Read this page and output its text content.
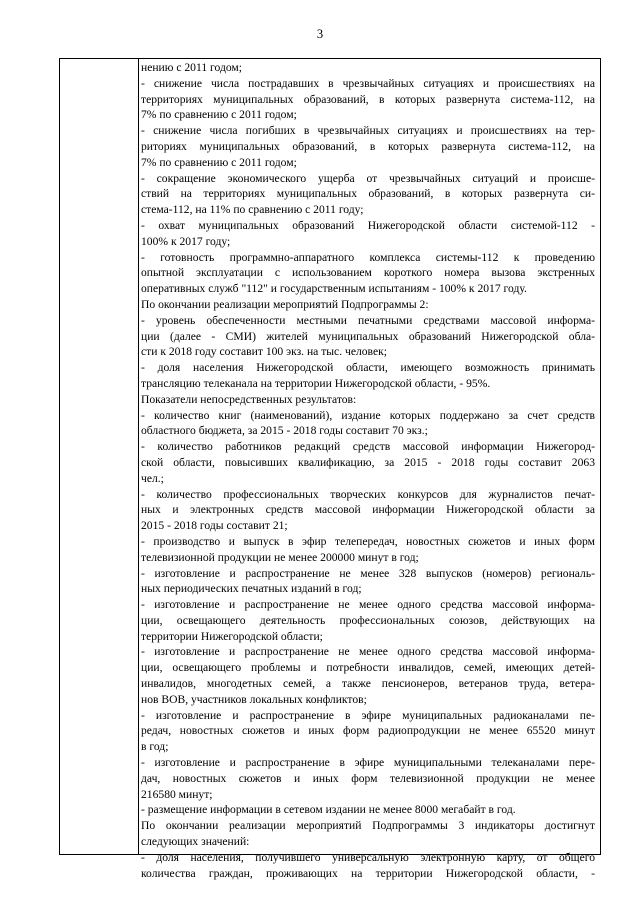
3
нению с 2011 годом;
- снижение числа пострадавших в чрезвычайных ситуациях и происшествиях на
территориях муниципальных образований, в которых развернута система-112, на
7% по сравнению с 2011 годом;
- снижение числа погибших в чрезвычайных ситуациях и происшествиях на тер-
риториях муниципальных образований, в которых развернута система-112, на
7% по сравнению с 2011 годом;
- сокращение экономического ущерба от чрезвычайных ситуаций и происше-
ствий на территориях муниципальных образований, в которых развернута си-
стема-112, на 11% по сравнению с 2011 году;
- охват муниципальных образований Нижегородской области системой-112 -
100% к 2017 году;
- готовность программно-аппаратного комплекса системы-112 к проведению
опытной эксплуатации с использованием короткого номера вызова экстренных
оперативных служб "112" и государственным испытаниям - 100% к 2017 году.
По окончании реализации мероприятий Подпрограммы 2:
- уровень обеспеченности местными печатными средствами массовой информа-
ции (далее - СМИ) жителей муниципальных образований Нижегородской обла-
сти к 2018 году составит 100 экз. на тыс. человек;
- доля населения Нижегородской области, имеющего возможность принимать
трансляцию телеканала на территории Нижегородской области, - 95%.
Показатели непосредственных результатов:
- количество книг (наименований), издание которых поддержано за счет средств
областного бюджета, за 2015 - 2018 годы составит 70 экз.;
- количество работников редакций средств массовой информации Нижегород-
ской области, повысивших квалификацию, за 2015 - 2018 годы составит 2063
чел.;
- количество профессиональных творческих конкурсов для журналистов печат-
ных и электронных средств массовой информации Нижегородской области за
2015 - 2018 годы составит 21;
- производство и выпуск в эфир телепередач, новостных сюжетов и иных форм
телевизионной продукции не менее 200000 минут в год;
- изготовление и распространение не менее 328 выпусков (номеров) региональ-
ных периодических печатных изданий в год;
- изготовление и распространение не менее одного средства массовой информа-
ции, освещающего деятельность профессиональных союзов, действующих на
территории Нижегородской области;
- изготовление и распространение не менее одного средства массовой информа-
ции, освещающего проблемы и потребности инвалидов, семей, имеющих детей-
инвалидов, многодетных семей, а также пенсионеров, ветеранов труда, ветера-
нов ВОВ, участников локальных конфликтов;
- изготовление и распространение в эфире муниципальных радиоканалами пе-
редач, новостных сюжетов и иных форм радиопродукции не менее 65520 минут
в год;
- изготовление и распространение в эфире муниципальными телеканалами пере-
дач, новостных сюжетов и иных форм телевизионной продукции не менее
216580 минут;
- размещение информации в сетевом издании не менее 8000 мегабайт в год.
По окончании реализации мероприятий Подпрограммы 3 индикаторы достигнут
следующих значений:
- доля населения, получившего универсальную электронную карту, от общего
количества граждан, проживающих на территории Нижегородской области, -
